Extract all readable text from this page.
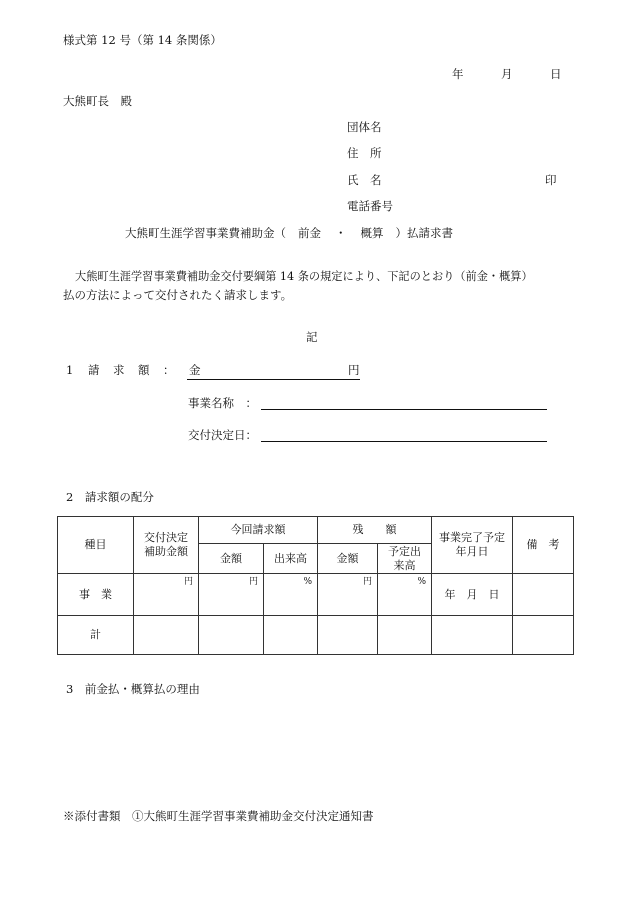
様式第 12 号（第 14 条関係）
年	月	日
大熊町長　殿
団体名
住　所
氏　名	印
電話番号
大熊町生涯学習事業費補助金（ 前金 ・ 概算 ）払請求書
大熊町生涯学習事業費補助金交付要綱第 14 条の規定により、下記のとおり（前金・概算）
払の方法によって交付されたく請求します。
記
1 請　求　額　： 金	円
事業名称　：
交付決定日：
2　請求額の配分
種目	交付決定補助金額	今回請求額		残　　額		事業完了予定年月日	備　考
		金額	出来高	金額	予定出来高		

事　業	円	円	%	円	%	年　月　日	
計							
3　前金払・概算払の理由
※添付書類　①大熊町生涯学習事業費補助金交付決定通知書
